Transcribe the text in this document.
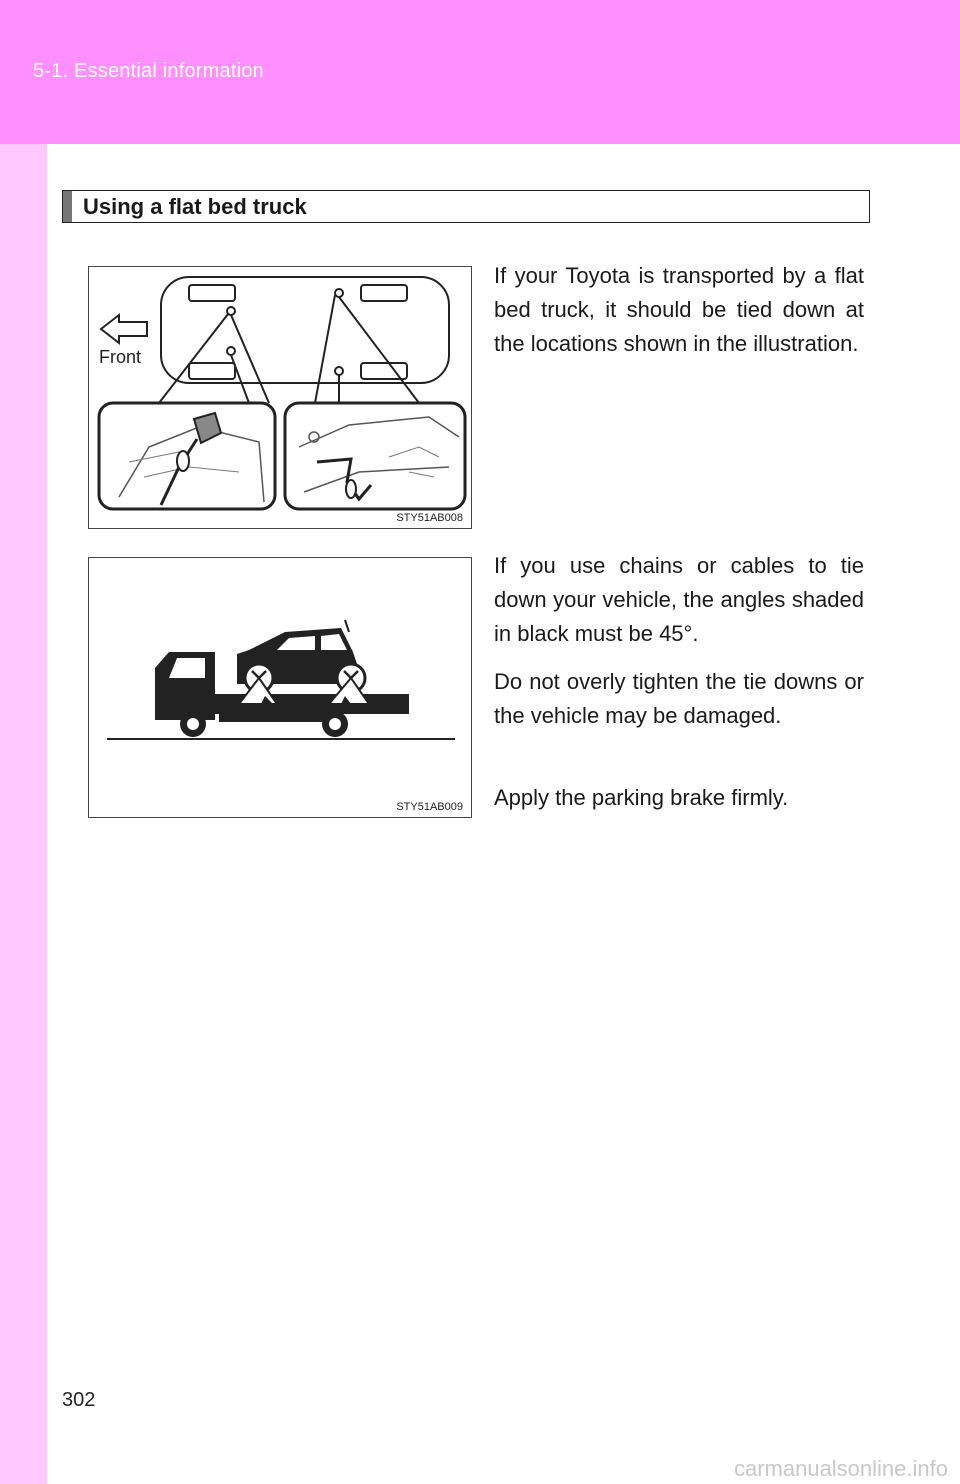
5-1. Essential information
Using a flat bed truck
Front
STY51AB008
STY51AB009

If your Toyota is transported by a flat bed truck, it should be tied down at the locations shown in the illustration.

If you use chains or cables to tie down your vehicle, the angles shaded in black must be 45°.

Do not overly tighten the tie downs or the vehicle may be damaged.

Apply the parking brake firmly.

302
carmanualsonline.info
